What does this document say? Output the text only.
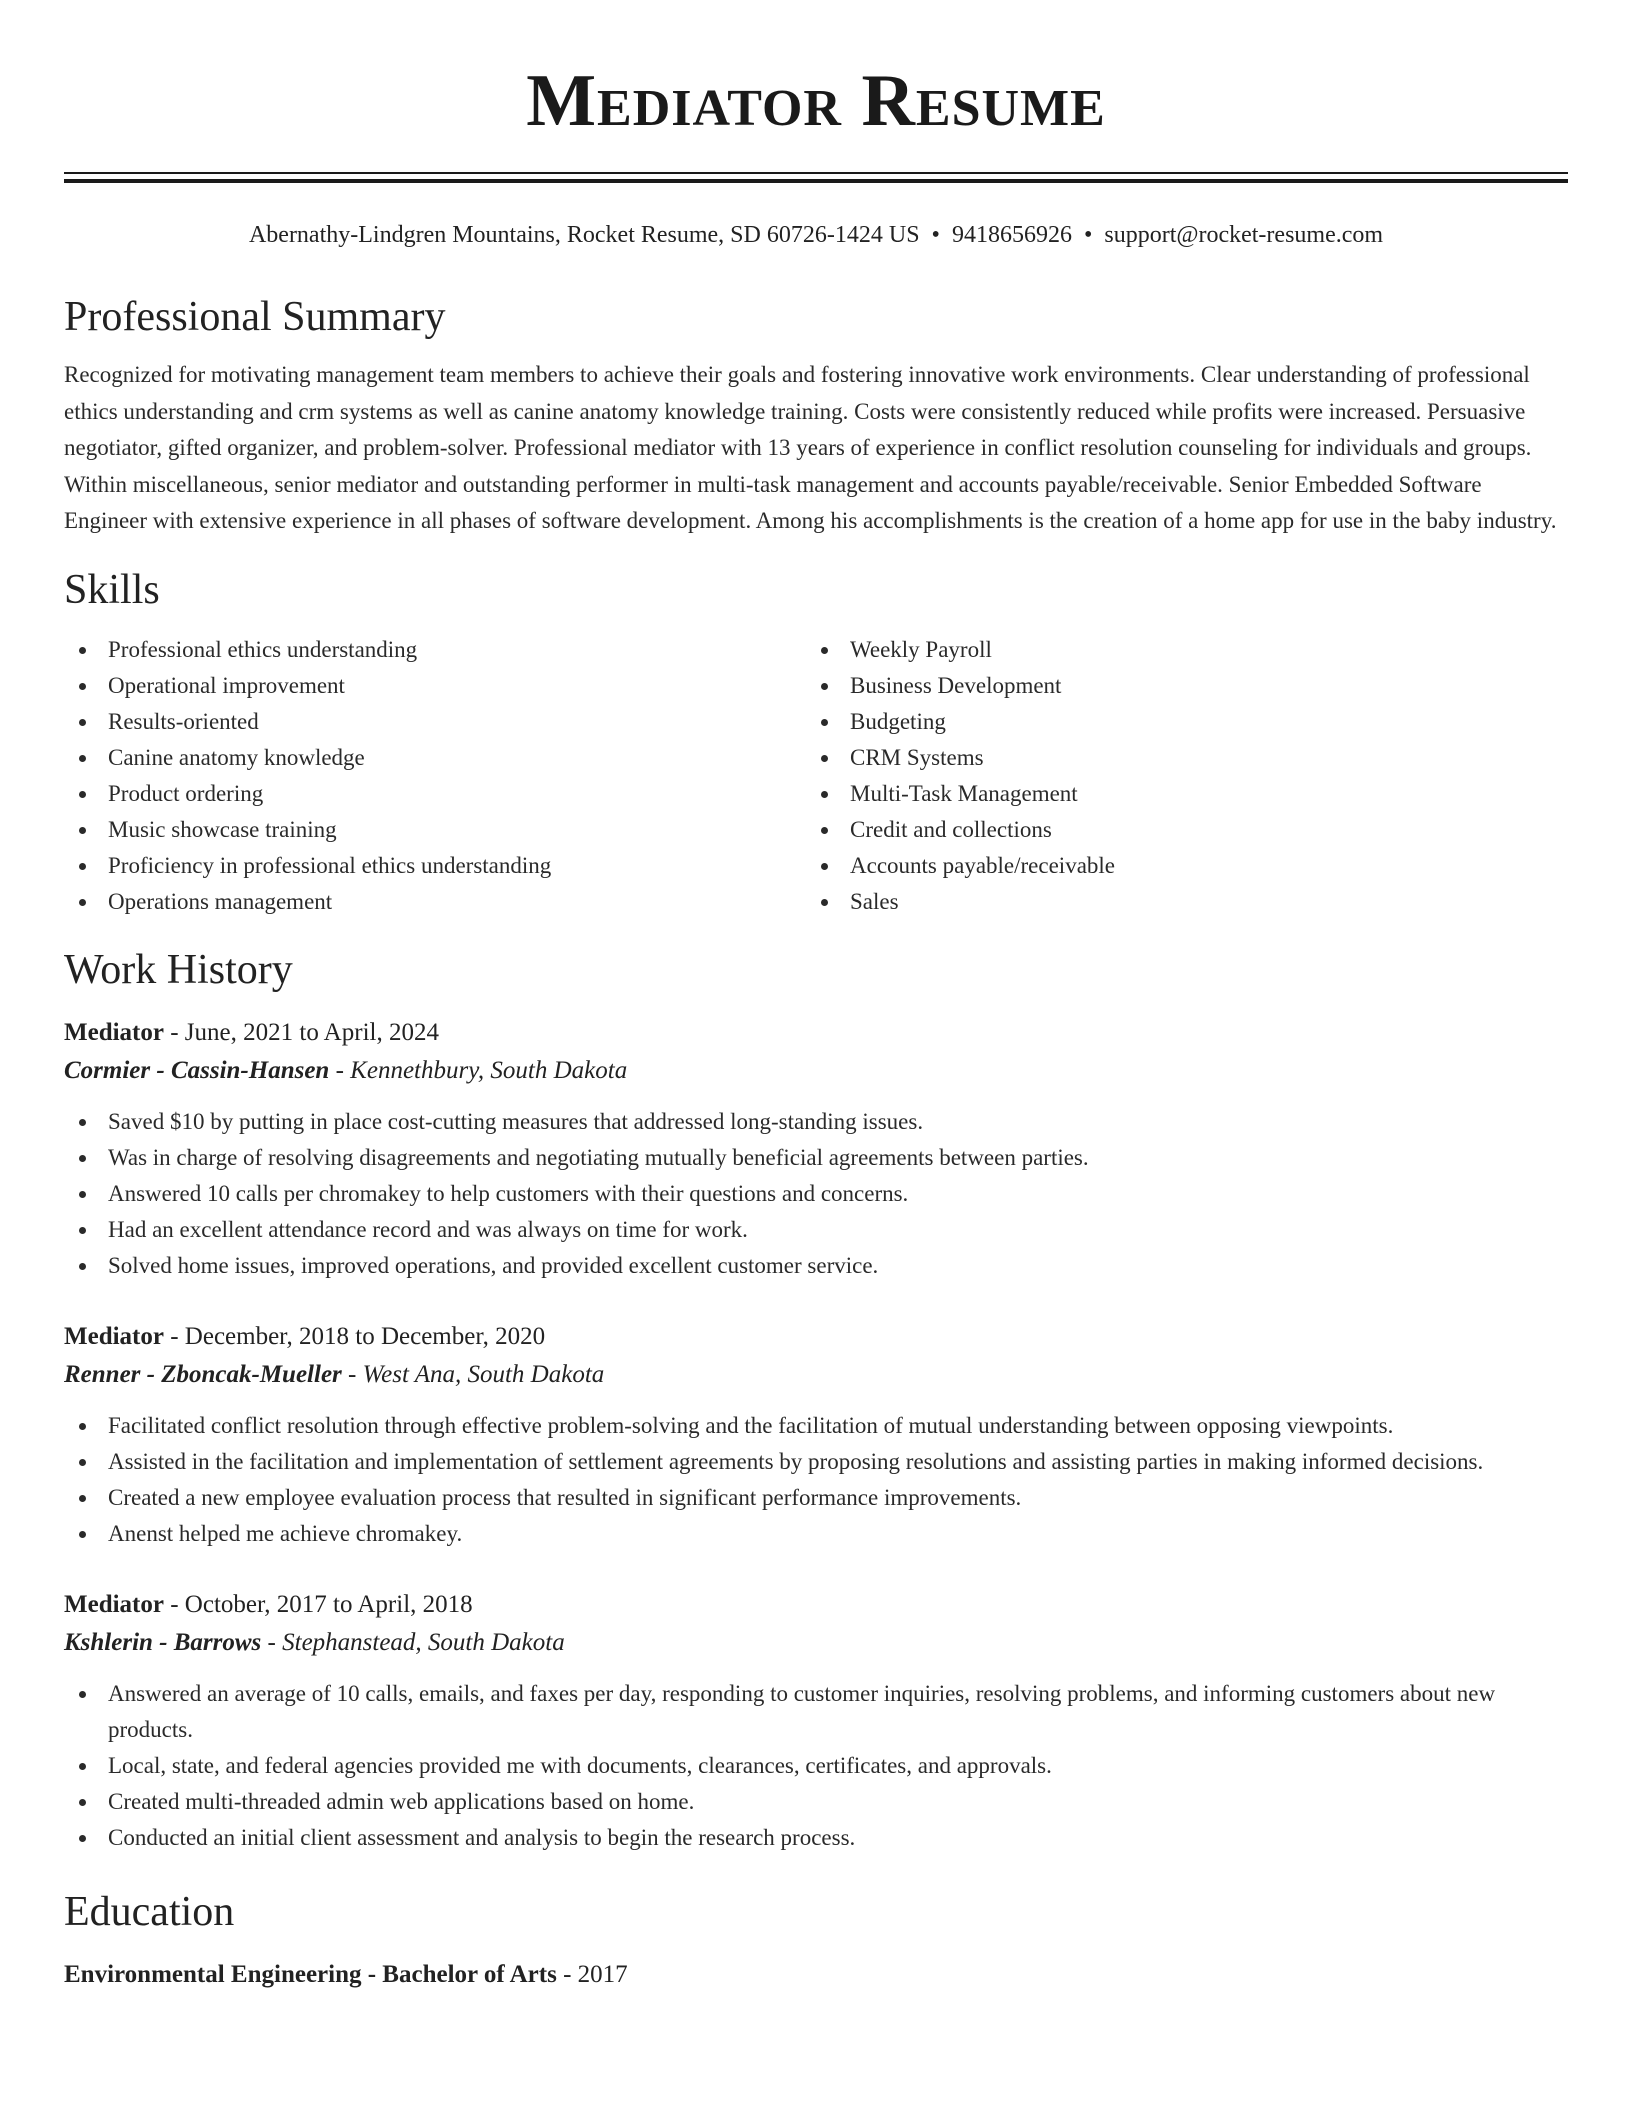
Mediator Resume
Abernathy-Lindgren Mountains, Rocket Resume, SD 60726-1424 US • 9418656926 • support@rocket-resume.com
Professional Summary
Recognized for motivating management team members to achieve their goals and fostering innovative work environments. Clear understanding of professional ethics understanding and crm systems as well as canine anatomy knowledge training. Costs were consistently reduced while profits were increased. Persuasive negotiator, gifted organizer, and problem-solver. Professional mediator with 13 years of experience in conflict resolution counseling for individuals and groups. Within miscellaneous, senior mediator and outstanding performer in multi-task management and accounts payable/receivable. Senior Embedded Software Engineer with extensive experience in all phases of software development. Among his accomplishments is the creation of a home app for use in the baby industry.
Skills
Professional ethics understanding
Operational improvement
Results-oriented
Canine anatomy knowledge
Product ordering
Music showcase training
Proficiency in professional ethics understanding
Operations management
Weekly Payroll
Business Development
Budgeting
CRM Systems
Multi-Task Management
Credit and collections
Accounts payable/receivable
Sales
Work History
Mediator - June, 2021 to April, 2024
Cormier - Cassin-Hansen - Kennethbury, South Dakota
Saved $10 by putting in place cost-cutting measures that addressed long-standing issues.
Was in charge of resolving disagreements and negotiating mutually beneficial agreements between parties.
Answered 10 calls per chromakey to help customers with their questions and concerns.
Had an excellent attendance record and was always on time for work.
Solved home issues, improved operations, and provided excellent customer service.
Mediator - December, 2018 to December, 2020
Renner - Zboncak-Mueller - West Ana, South Dakota
Facilitated conflict resolution through effective problem-solving and the facilitation of mutual understanding between opposing viewpoints.
Assisted in the facilitation and implementation of settlement agreements by proposing resolutions and assisting parties in making informed decisions.
Created a new employee evaluation process that resulted in significant performance improvements.
Anenst helped me achieve chromakey.
Mediator - October, 2017 to April, 2018
Kshlerin - Barrows - Stephanstead, South Dakota
Answered an average of 10 calls, emails, and faxes per day, responding to customer inquiries, resolving problems, and informing customers about new products.
Local, state, and federal agencies provided me with documents, clearances, certificates, and approvals.
Created multi-threaded admin web applications based on home.
Conducted an initial client assessment and analysis to begin the research process.
Education
Environmental Engineering - Bachelor of Arts - 2017
